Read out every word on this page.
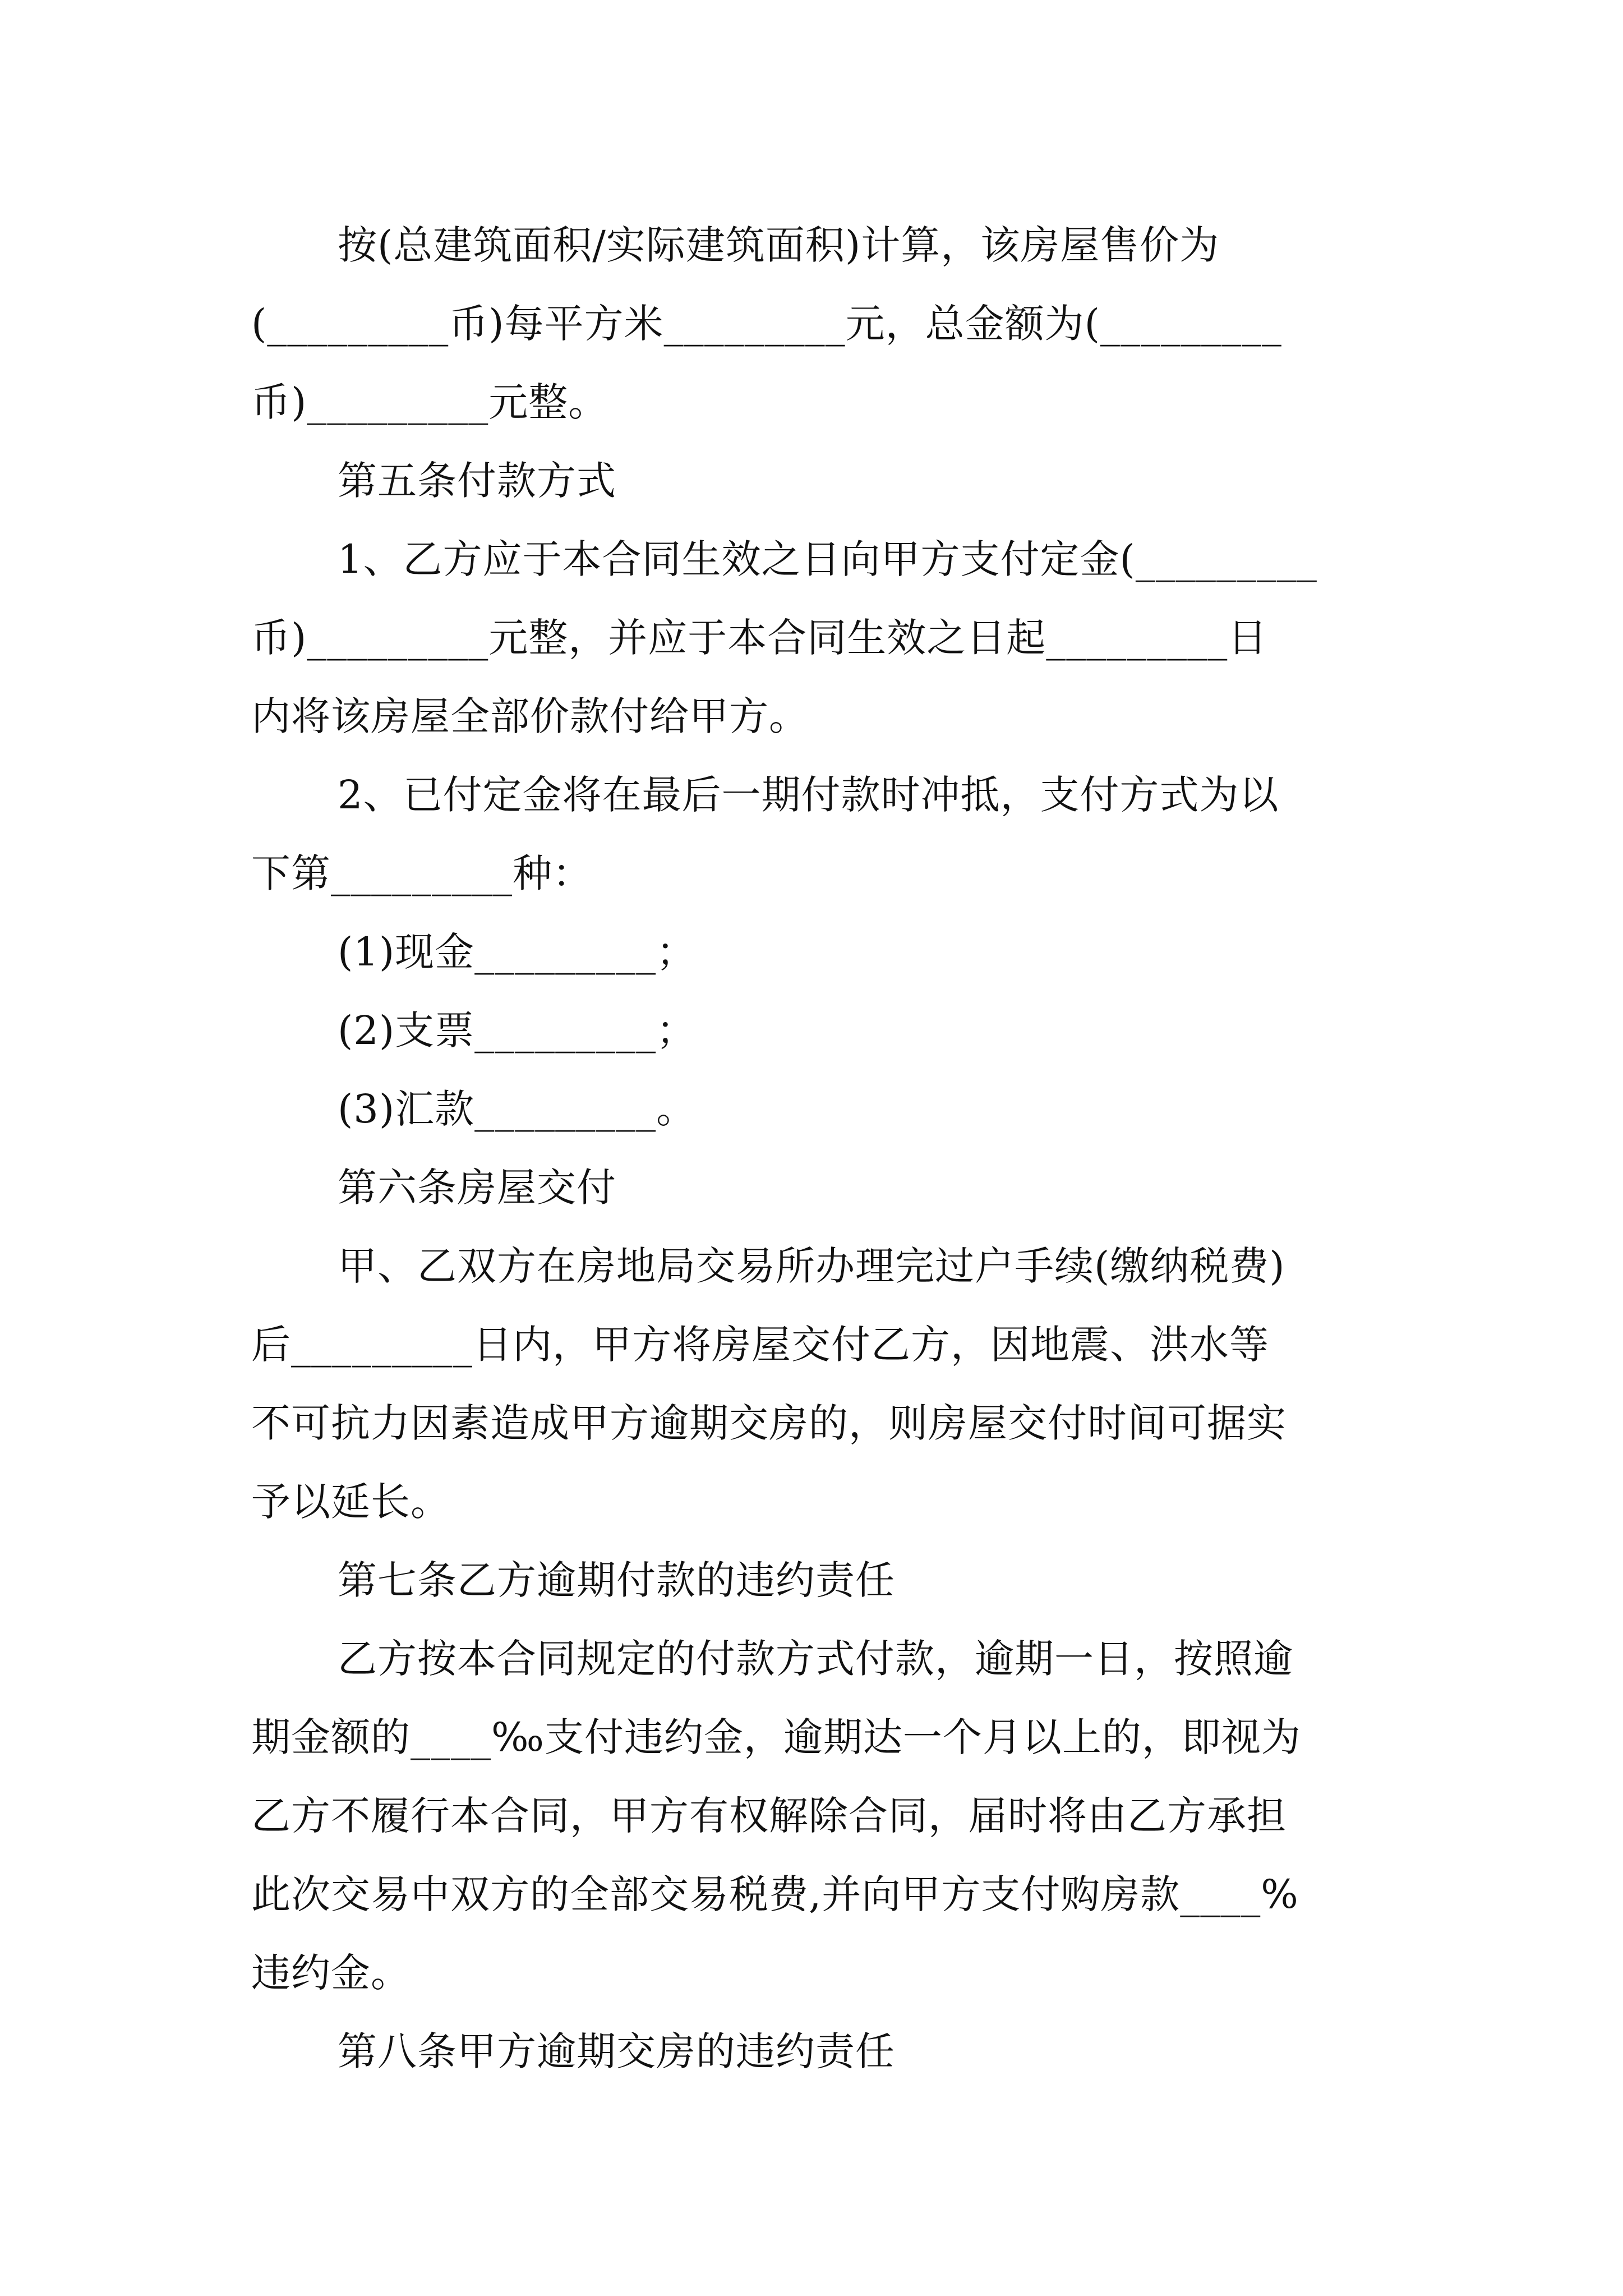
按(总建筑面积/实际建筑面积)计算，该房屋售价为
(_________币)每平方米_________元，总金额为(_________
币)_________元整。
第五条付款方式
1、乙方应于本合同生效之日向甲方支付定金(_________
币)_________元整，并应于本合同生效之日起_________日
内将该房屋全部价款付给甲方。
2、已付定金将在最后一期付款时冲抵，支付方式为以
下第_________种：
(1)现金_________；
(2)支票_________；
(3)汇款_________。
第六条房屋交付
甲、乙双方在房地局交易所办理完过户手续(缴纳税费)
后_________日内，甲方将房屋交付乙方，因地震、洪水等
不可抗力因素造成甲方逾期交房的，则房屋交付时间可据实
予以延长。
第七条乙方逾期付款的违约责任
乙方按本合同规定的付款方式付款，逾期一日，按照逾
期金额的____‰支付违约金，逾期达一个月以上的，即视为
乙方不履行本合同，甲方有权解除合同，届时将由乙方承担
此次交易中双方的全部交易税费,并向甲方支付购房款____%
违约金。
第八条甲方逾期交房的违约责任
